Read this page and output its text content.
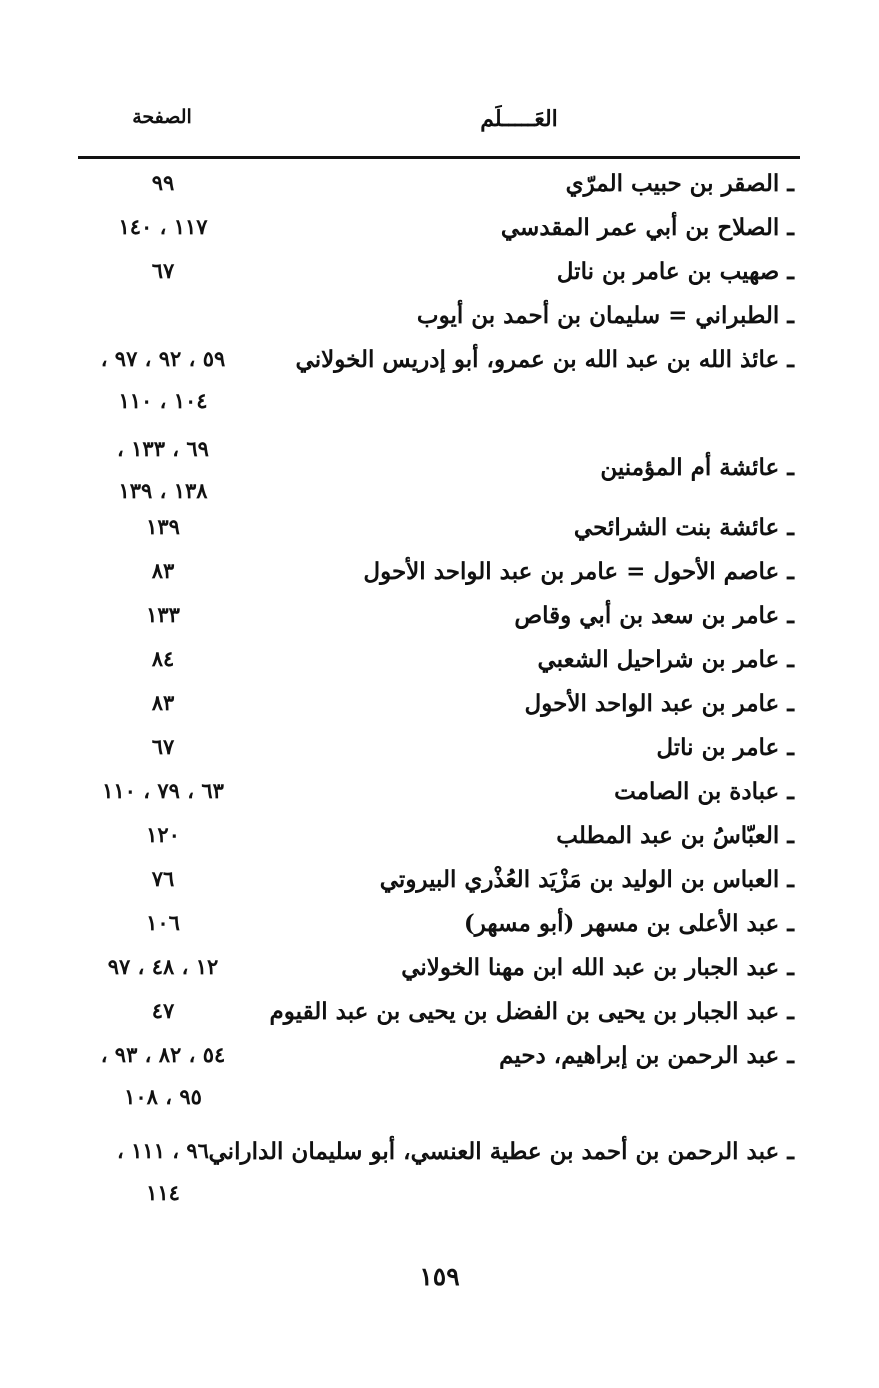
العَـــــلَم
الصفحة
ـ الصقر بن حبيب المرّي
٩٩
ـ الصلاح بن أبي عمر المقدسي
١١٧ ، ١٤٠
ـ صهيب بن عامر بن ناتل
٦٧
ـ الطبراني = سليمان بن أحمد بن أيوب
ـ عائذ الله بن عبد الله بن عمرو، أبو إدريس الخولاني
٥٩ ، ٩٢ ، ٩٧ ،
١٠٤ ، ١١٠
ـ عائشة أم المؤمنين
٦٩ ، ١٣٣ ،
١٣٨ ، ١٣٩
ـ عائشة بنت الشرائحي
١٣٩
ـ عاصم الأحول = عامر بن عبد الواحد الأحول
٨٣
ـ عامر بن سعد بن أبي وقاص
١٣٣
ـ عامر بن شراحيل الشعبي
٨٤
ـ عامر بن عبد الواحد الأحول
٨٣
ـ عامر بن ناتل
٦٧
ـ عبادة بن الصامت
٦٣ ، ٧٩ ، ١١٠
ـ العبّاسُ بن عبد المطلب
١٢٠
ـ العباس بن الوليد بن مَزْيَد العُذْري البيروتي
٧٦
ـ عبد الأعلى بن مسهر (أبو مسهر)
١٠٦
ـ عبد الجبار بن عبد الله ابن مهنا الخولاني
١٢ ، ٤٨ ، ٩٧
ـ عبد الجبار بن يحيى بن الفضل بن يحيى بن عبد القيوم
٤٧
ـ عبد الرحمن بن إبراهيم، دحيم
٥٤ ، ٨٢ ، ٩٣ ،
٩٥ ، ١٠٨
ـ عبد الرحمن بن أحمد بن عطية العنسي، أبو سليمان الداراني
٩٦ ، ١١١ ،
١١٤
١٥٩
